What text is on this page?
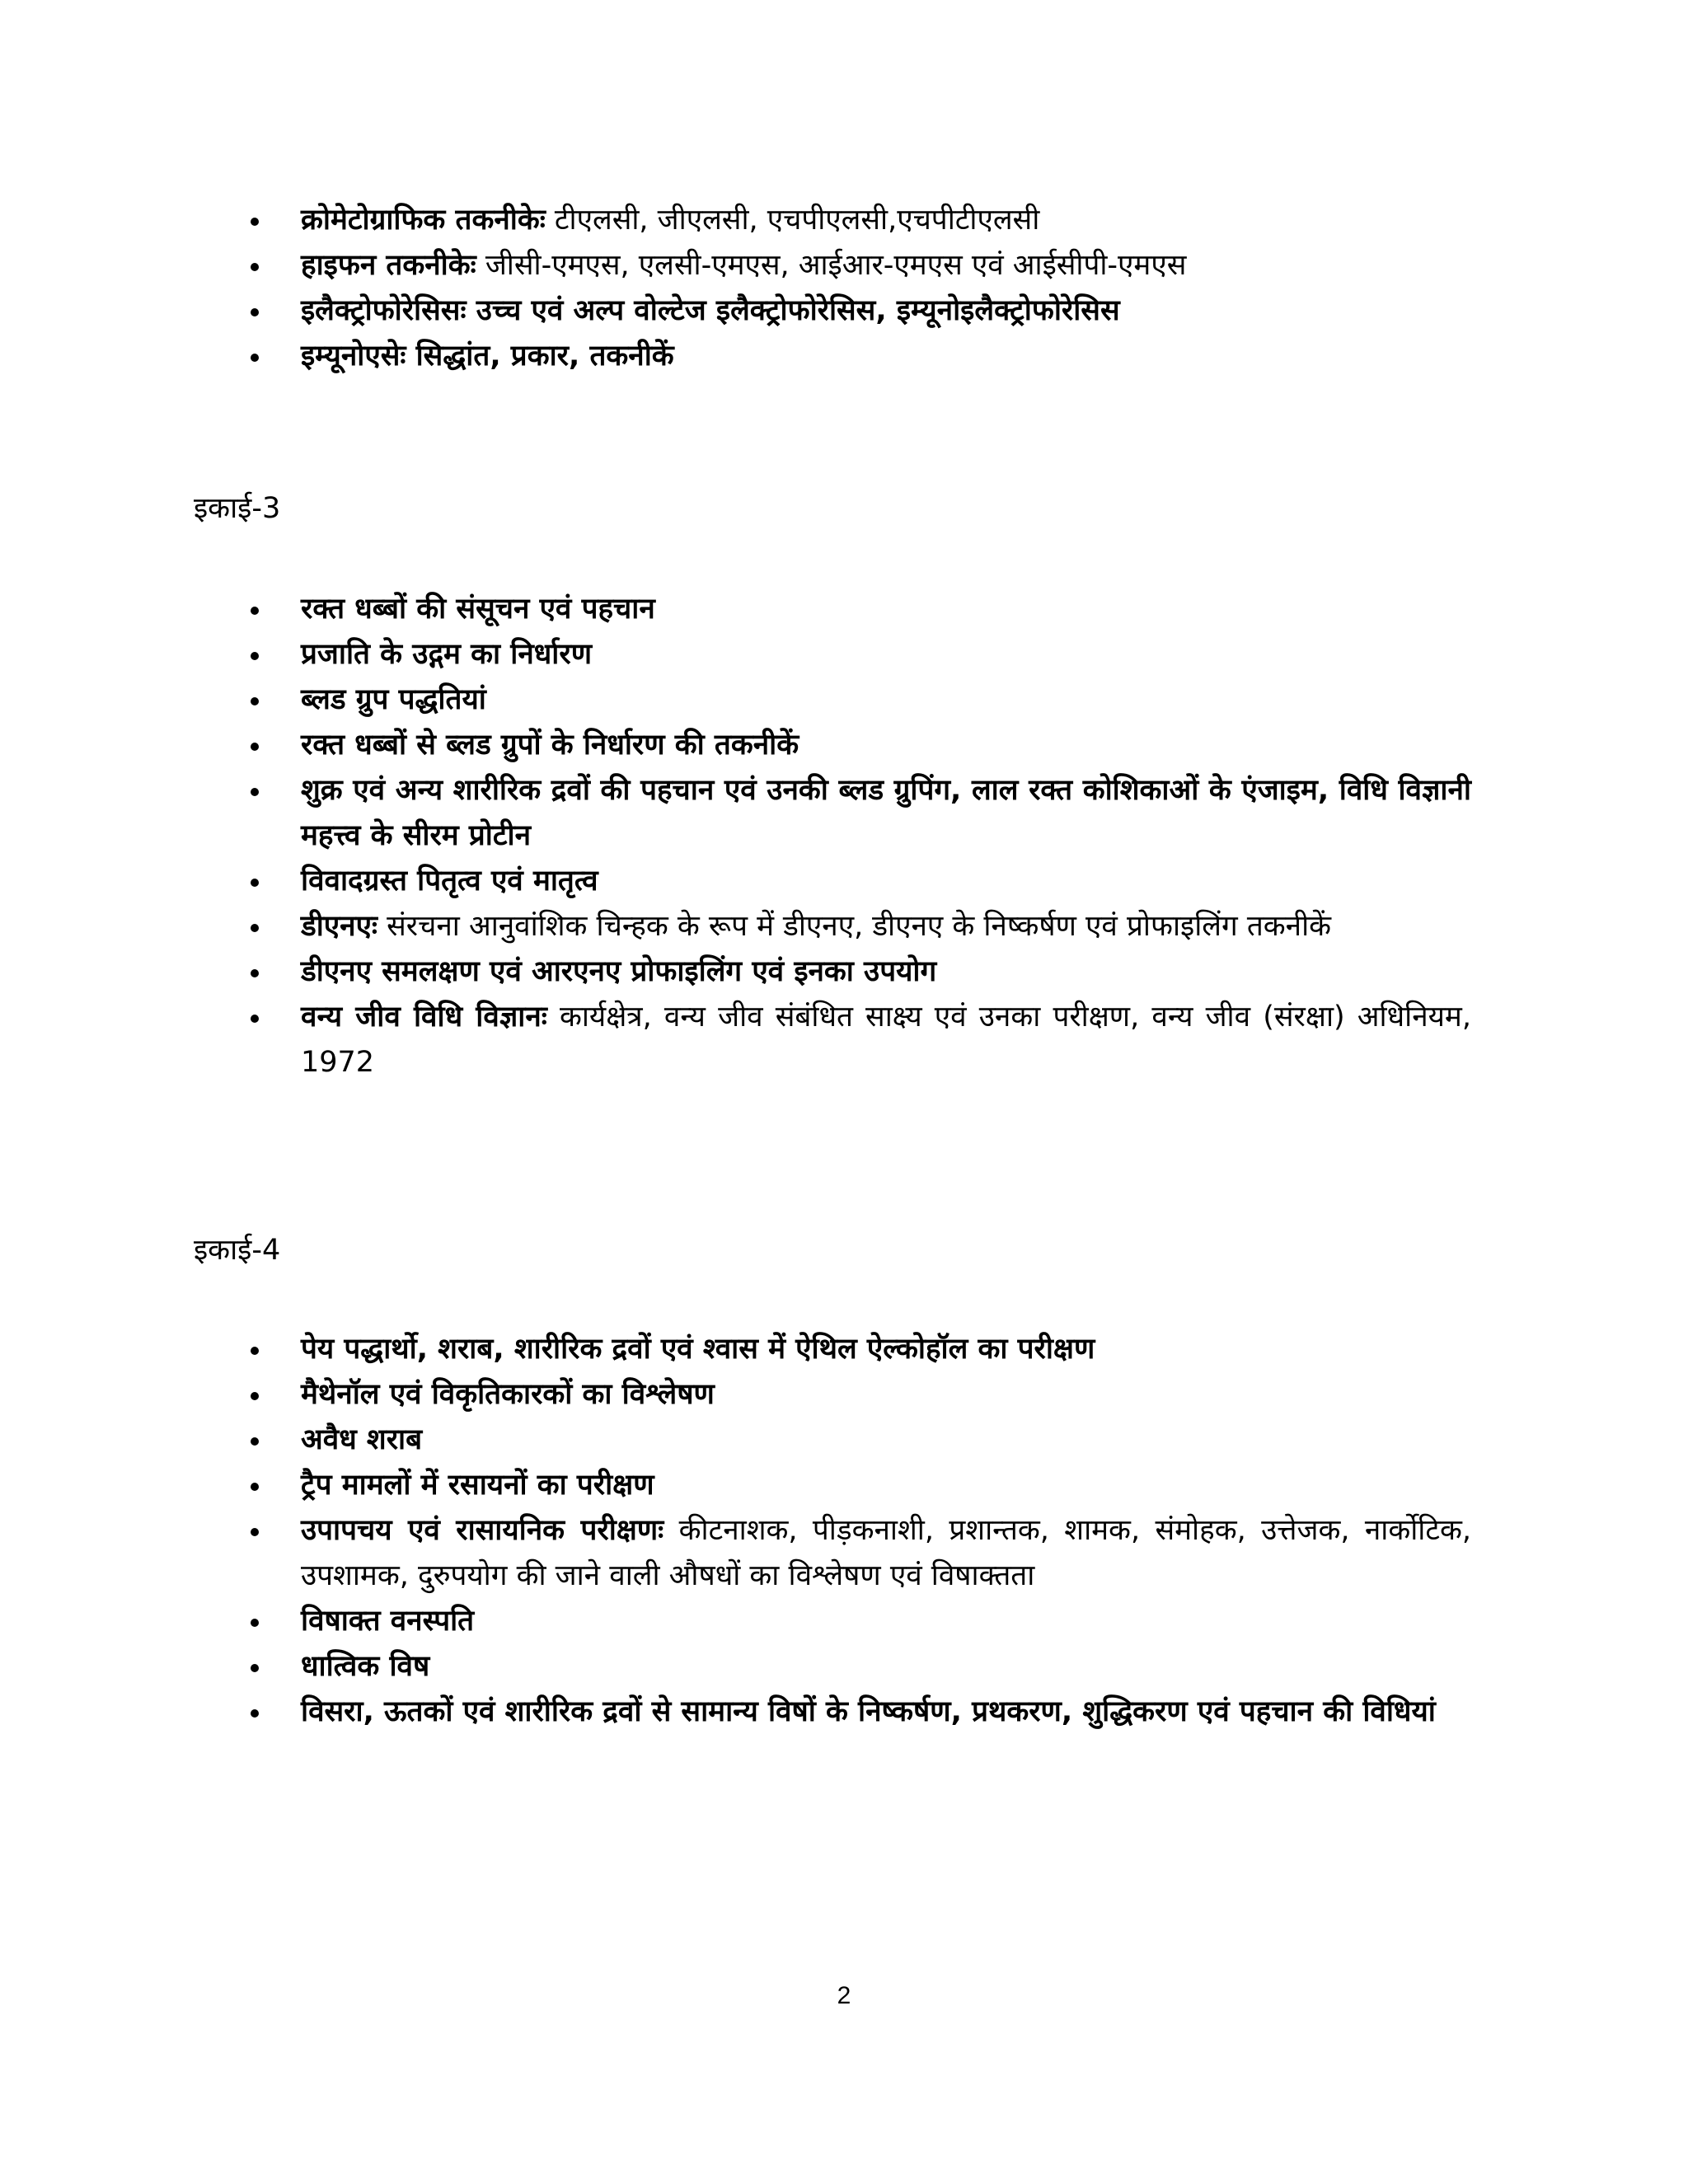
क्रोमेटोग्राफिक तकनीकेः टीएलसी, जीएलसी, एचपीएलसी,एचपीटीएलसी
हाइफन तकनीकेः जीसी-एमएस, एलसी-एमएस, आईआर-एमएस एवं आईसीपी-एमएस
इलैक्ट्रोफोरेसिसः उच्च एवं अल्प वोल्टेज इलैक्ट्रोफोरेसिस, इम्यूनोइलैक्ट्रोफोरेसिस
इम्यूनोएसेः सिद्धांत, प्रकार, तकनीकें
इकाई-3
रक्त धब्बों की संसूचन एवं पहचान
प्रजाति के उद्गम का निर्धारण
ब्लड ग्रुप पद्धतियां
रक्त धब्बों से ब्लड ग्रुपों के निर्धारण की तकनीकें
शुक्र एवं अन्य शारीरिक द्रवों की पहचान एवं उनकी ब्लड ग्रुपिंग, लाल रक्त कोशिकाओं के एंजाइम, विधि विज्ञानी महत्त्व के सीरम प्रोटीन
विवादग्रस्त पितृत्व एवं मातृत्व
डीएनएः संरचना आनुवांशिक चिन्हक के रूप में डीएनए, डीएनए के निष्कर्षण एवं प्रोफाइलिंग तकनीकें
डीएनए समलक्षण एवं आरएनए प्रोफाइलिंग एवं इनका उपयोग
वन्य जीव विधि विज्ञानः कार्यक्षेत्र, वन्य जीव संबंधित साक्ष्य एवं उनका परीक्षण, वन्य जीव (संरक्षा) अधिनियम, 1972
इकाई-4
पेय पद्धार्थो, शराब, शारीरिक द्रवों एवं श्वास में ऐथिल ऐल्कोहॉल का परीक्षण
मैथेनॉल एवं विकृतिकारकों का विश्लेषण
अवैध शराब
ट्रैप मामलों में रसायनों का परीक्षण
उपापचय एवं रासायनिक परीक्षणः कीटनाशक, पीड़कनाशी, प्रशान्तक, शामक, संमोहक, उत्तेजक, नार्कोटिक, उपशामक, दुरुपयोग की जाने वाली औषधों का विश्लेषण एवं विषाक्तता
विषाक्त वनस्पति
धात्विक विष
विसरा, ऊतकों एवं शारीरिक द्रवों से सामान्य विषों के निष्कर्षण, प्रथकरण, शुद्धिकरण एवं पहचान की विधियां
2
